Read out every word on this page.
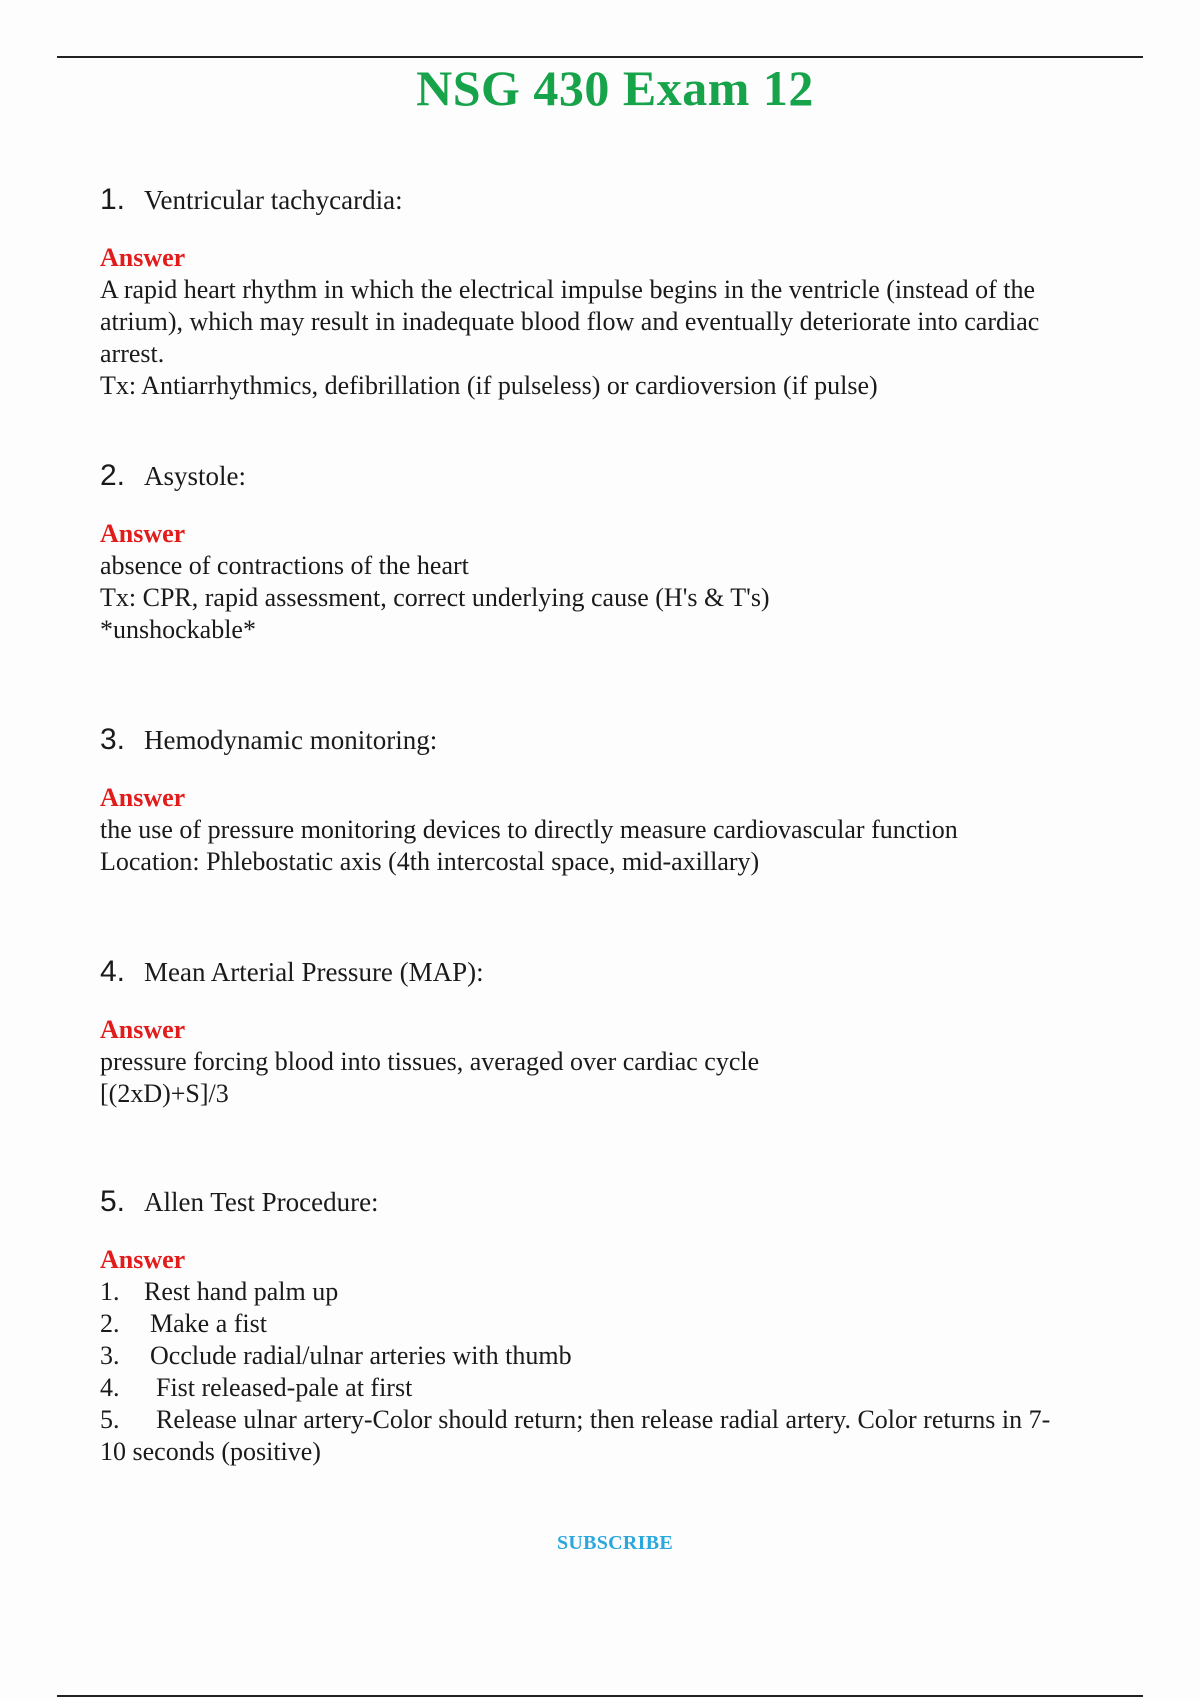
NSG 430 Exam 12
1. Ventricular tachycardia:
Answer
A rapid heart rhythm in which the electrical impulse begins in the ventricle (instead of the
atrium), which may result in inadequate blood flow and eventually deteriorate into cardiac
arrest.
Tx: Antiarrhythmics, defibrillation (if pulseless) or cardioversion (if pulse)
2. Asystole:
Answer
absence of contractions of the heart
Tx: CPR, rapid assessment, correct underlying cause (H's & T's)
*unshockable*
3. Hemodynamic monitoring:
Answer
the use of pressure monitoring devices to directly measure cardiovascular function
Location: Phlebostatic axis (4th intercostal space, mid-axillary)
4. Mean Arterial Pressure (MAP):
Answer
pressure forcing blood into tissues, averaged over cardiac cycle
[(2xD)+S]/3
5. Allen Test Procedure:
Answer
1. Rest hand palm up
2.	Make a fist
3.	Occlude radial/ulnar arteries with thumb
4.	Fist released-pale at first
5.	Release ulnar artery-Color should return; then release radial artery. Color returns in 7-
10 seconds (positive)
SUBSCRIBE
